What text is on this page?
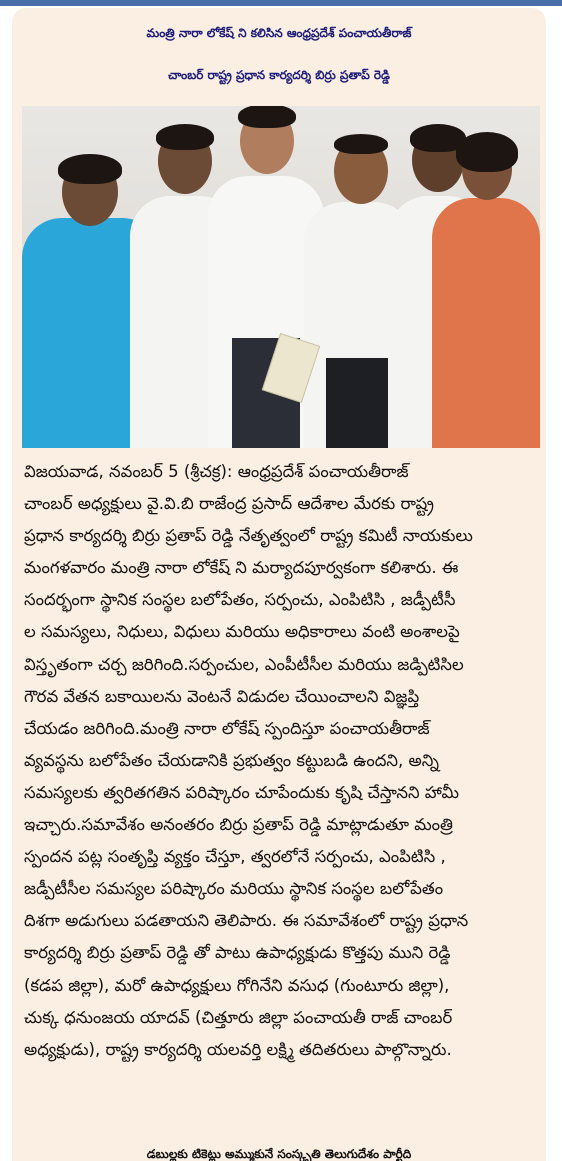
మంత్రి నారా లోకేష్ ని కలిసిన ఆంధ్రప్రదేశ్ పంచాయతీరాజ్
చాంబర్ రాష్ట్ర ప్రధాన కార్యదర్శి బిర్రు ప్రతాప్ రెడ్డి
విజయవాడ, నవంబర్ 5 (శ్రీచక్ర): ఆంధ్రప్రదేశ్ పంచాయతీరాజ్
చాంబర్ అధ్యక్షులు వై.వి.బి రాజేంద్ర ప్రసాద్ ఆదేశాల మేరకు రాష్ట్ర
ప్రధాన కార్యదర్శి బిర్రు ప్రతాప్ రెడ్డి నేతృత్వంలో రాష్ట్ర కమిటీ నాయకులు
మంగళవారం మంత్రి నారా లోకేష్ ని మర్యాదపూర్వకంగా కలిశారు. ఈ
సందర్భంగా స్థానిక సంస్థల బలోపేతం, సర్పంచు, ఎంపిటిసి , జడ్పీటీసీ
ల సమస్యలు, నిధులు, విధులు మరియు అధికారాలు వంటి అంశాలపై
విస్తృతంగా చర్చ జరిగింది.సర్పంచుల, ఎంపీటీసీల మరియు జడ్పిటిసిల
గౌరవ వేతన బకాయిలను వెంటనే విడుదల చేయించాలని విజ్ఞప్తి
చేయడం జరిగింది.మంత్రి నారా లోకేష్ స్పందిస్తూ పంచాయతీరాజ్
వ్యవస్థను బలోపేతం చేయడానికి ప్రభుత్వం కట్టుబడి ఉందని, అన్ని
సమస్యలకు త్వరితగతిన పరిష్కారం చూపేందుకు కృషి చేస్తానని హామీ
ఇచ్చారు.సమావేశం అనంతరం బిర్రు ప్రతాప్ రెడ్డి మాట్లాడుతూ మంత్రి
స్పందన పట్ల సంతృప్తి వ్యక్తం చేస్తూ, త్వరలోనే సర్పంచు, ఎంపిటిసి ,
జడ్పీటీసీల సమస్యల పరిష్కారం మరియు స్థానిక సంస్థల బలోపేతం
దిశగా అడుగులు పడతాయని తెలిపారు. ఈ సమావేశంలో రాష్ట్ర ప్రధాన
కార్యదర్శి బిర్రు ప్రతాప్ రెడ్డి తో పాటు ఉపాధ్యక్షుడు కొత్తపు ముని రెడ్డి
(కడప జిల్లా), మరో ఉపాధ్యక్షులు గోగినేని వసుధ (గుంటూరు జిల్లా),
చుక్క ధనుంజయ యాదవ్ (చిత్తూరు జిల్లా పంచాయతీ రాజ్ చాంబర్
అధ్యక్షుడు), రాష్ట్ర కార్యదర్శి యలవర్తి లక్ష్మి తదితరులు పాల్గొన్నారు.
డబుల్లకు టికెట్లు అమ్ముకునే సంస్కృతి తెలుగుదేశం పార్టీది
